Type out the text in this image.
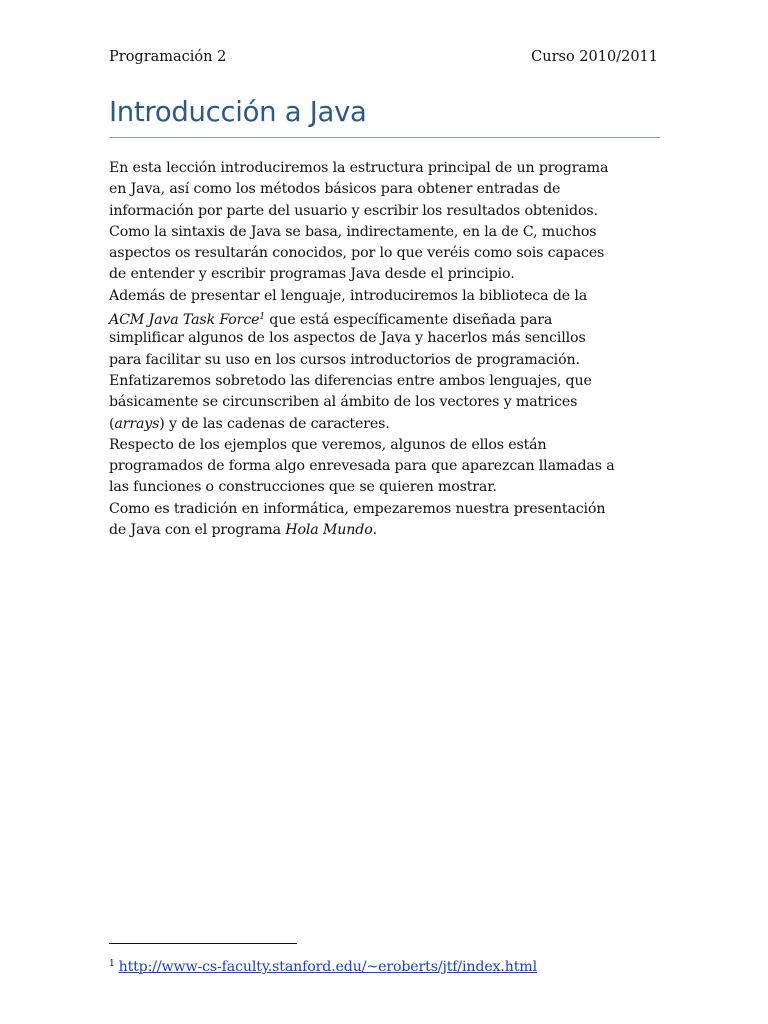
Programación 2	Curso 2010/2011
Introducción a Java
En esta lección introduciremos la estructura principal de un programa
en Java, así como los métodos básicos para obtener entradas de
información por parte del usuario y escribir los resultados obtenidos.
Como la sintaxis de Java se basa, indirectamente, en la de C, muchos
aspectos os resultarán conocidos, por lo que veréis como sois capaces
de entender y escribir programas Java desde el principio.
Además de presentar el lenguaje, introduciremos la biblioteca de la
ACM Java Task Force$^1$ que está específicamente diseñada para
simplificar algunos de los aspectos de Java y hacerlos más sencillos
para facilitar su uso en los cursos introductorios de programación.
Enfatizaremos sobretodo las diferencias entre ambos lenguajes, que
básicamente se circunscriben al ámbito de los vectores y matrices
(arrays) y de las cadenas de caracteres.
Respecto de los ejemplos que veremos, algunos de ellos están
programados de forma algo enrevesada para que aparezcan llamadas a
las funciones o construcciones que se quieren mostrar.
Como es tradición en informática, empezaremos nuestra presentación
de Java con el programa Hola Mundo.
$^1$ http://www-cs-faculty.stanford.edu/~eroberts/jtf/index.html
